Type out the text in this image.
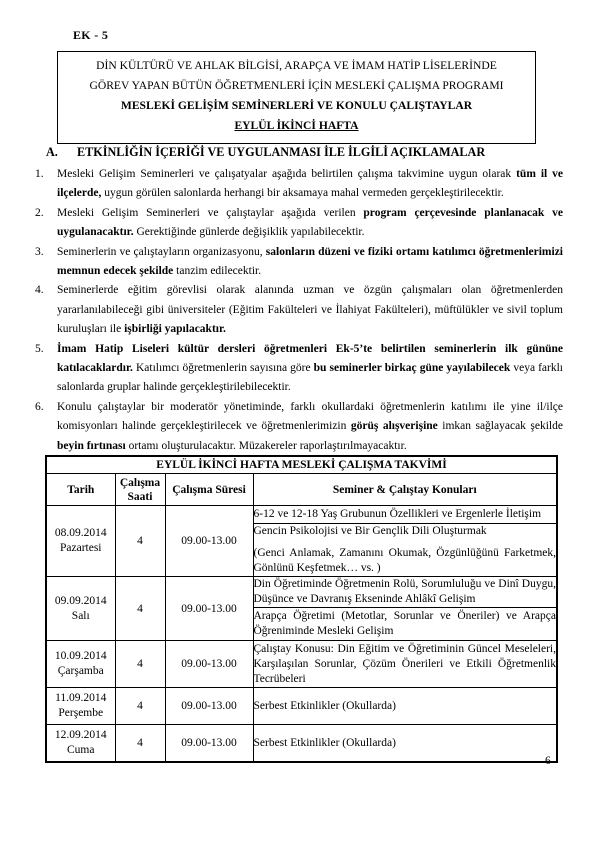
EK - 5
DİN KÜLTÜRÜ VE AHLAK BİLGİSİ, ARAPÇA VE İMAM HATİP LİSELERİNDE
GÖREV YAPAN BÜTÜN ÖĞRETMENLERİ İÇİN MESLEKİ ÇALIŞMA PROGRAMI
MESLEKİ GELİŞİM SEMİNERLERİ VE KONULU ÇALIŞTAYLAR
EYLÜL İKİNCİ HAFTA
A. ETKİNLİĞİN İÇERİĞİ VE UYGULANMASI İLE İLGİLİ AÇIKLAMALAR
1.	Mesleki Gelişim Seminerleri ve çalışatyalar aşağıda belirtilen çalışma takvimine uygun olarak tüm il ve ilçelerde, uygun görülen salonlarda herhangi bir aksamaya mahal vermeden gerçekleştirilecektir.
2.	Mesleki Gelişim Seminerleri ve çalıştaylar aşağıda verilen program çerçevesinde planlanacak ve uygulanacaktır. Gerektiğinde günlerde değişiklik yapılabilecektir.
3.	Seminerlerin ve çalıştayların organizasyonu, salonların düzeni ve fiziki ortamı katılımcı öğretmenlerimizi memnun edecek şekilde tanzim edilecektir.
4.	Seminerlerde eğitim görevlisi olarak alanında uzman ve özgün çalışmaları olan öğretmenlerden yararlanılabileceği gibi üniversiteler (Eğitim Fakülteleri ve İlahiyat Fakülteleri), müftülükler ve sivil toplum kuruluşları ile işbirliği yapılacaktır.
5.	İmam Hatip Liseleri kültür dersleri öğretmenleri Ek-5’te belirtilen seminerlerin ilk gününe katılacaklardır. Katılımcı öğretmenlerin sayısına göre bu seminerler birkaç güne yayılabilecek veya farklı salonlarda gruplar halinde gerçekleştirilebilecektir.
6.	Konulu çalıştaylar bir moderatör yönetiminde, farklı okullardaki öğretmenlerin katılımı ile yine il/ilçe komisyonları halinde gerçekleştirilecek ve öğretmenlerimizin görüş alışverişine imkan sağlayacak şekilde beyin fırtınası ortamı oluşturulacaktır. Müzakereler raporlaştırılmayacaktır.
EYLÜL İKİNCİ HAFTA MESLEKİ ÇALIŞMA TAKVİMİ			
Tarih	Çalışma Saati	Çalışma Süresi	Seminer & Çalıştay Konuları

08.09.2014
Pazartesi	4	09.00-13.00	6-12 ve 12-18 Yaş Grubunun Özellikleri ve Ergenlerle İletişim

			Gencin Psikolojisi ve Bir Gençlik Dili Oluşturmak

(Genci Anlamak, Zamanını Okumak, Özgünlüğünü Farketmek, Gönlünü Keşfetmek… vs. )

09.09.2014
Salı	4	09.00-13.00	Din Öğretiminde Öğretmenin Rolü, Sorumluluğu ve Dinî Duygu, Düşünce ve Davranış Ekseninde Ahlâkî Gelişim

			Arapça Öğretimi (Metotlar, Sorunlar ve Öneriler) ve Arapça Öğreniminde Mesleki Gelişim

10.09.2014
Çarşamba	4	09.00-13.00	Çalıştay Konusu: Din Eğitim ve Öğretiminin Güncel Meseleleri, Karşılaşılan Sorunlar, Çözüm Önerileri ve Etkili Öğretmenlik Tecrübeleri

11.09.2014
Perşembe	4	09.00-13.00	Serbest Etkinlikler (Okullarda)

12.09.2014
Cuma	4	09.00-13.00	Serbest Etkinlikler (Okullarda)

6
